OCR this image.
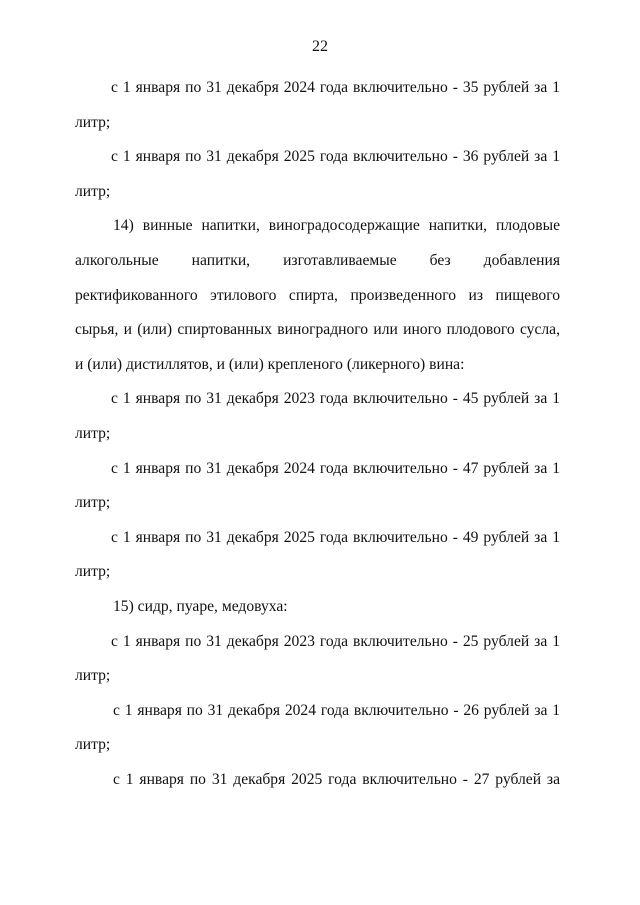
22

с 1 января по 31 декабря 2024 года включительно - 35 рублей за 1 литр;

с 1 января по 31 декабря 2025 года включительно - 36 рублей за 1 литр;

14) винные напитки, виноградосодержащие напитки, плодовые алкогольные напитки, изготавливаемые без добавления ректификованного этилового спирта, произведенного из пищевого сырья, и (или) спиртованных виноградного или иного плодового сусла, и (или) дистиллятов, и (или) крепленого (ликерного) вина:

с 1 января по 31 декабря 2023 года включительно - 45 рублей за 1 литр;

с 1 января по 31 декабря 2024 года включительно - 47 рублей за 1 литр;

с 1 января по 31 декабря 2025 года включительно - 49 рублей за 1 литр;

15) сидр, пуаре, медовуха:

с 1 января по 31 декабря 2023 года включительно - 25 рублей за 1 литр;

с 1 января по 31 декабря 2024 года включительно - 26 рублей за 1 литр;

с 1 января по 31 декабря 2025 года включительно - 27 рублей за
